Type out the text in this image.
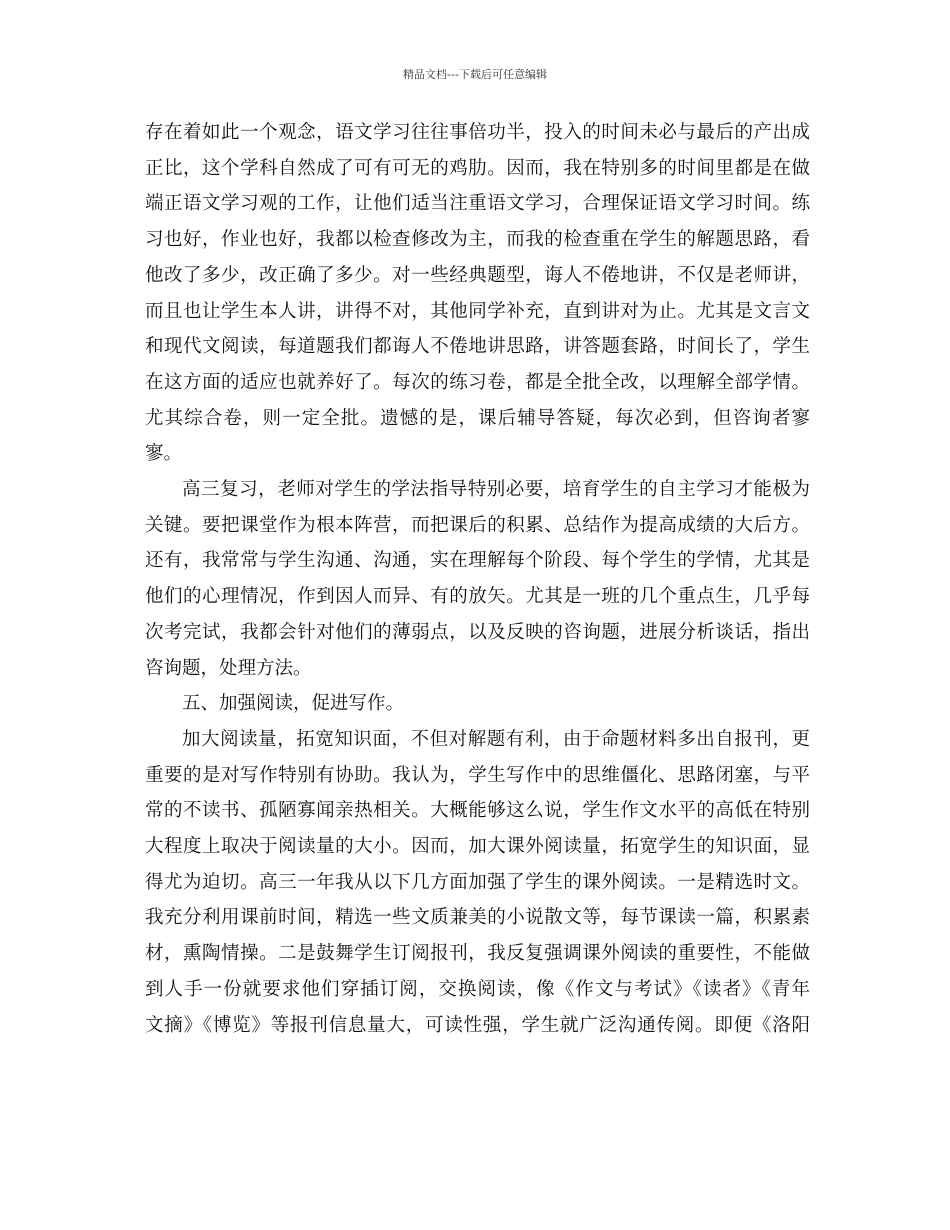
精品文档---下载后可任意编辑
存在着如此一个观念，语文学习往往事倍功半，投入的时间未必与最后的产出成
正比，这个学科自然成了可有可无的鸡肋。因而，我在特别多的时间里都是在做
端正语文学习观的工作，让他们适当注重语文学习，合理保证语文学习时间。练
习也好，作业也好，我都以检查修改为主，而我的检查重在学生的解题思路，看
他改了多少，改正确了多少。对一些经典题型，诲人不倦地讲，不仅是老师讲，
而且也让学生本人讲，讲得不对，其他同学补充，直到讲对为止。尤其是文言文
和现代文阅读，每道题我们都诲人不倦地讲思路，讲答题套路，时间长了，学生
在这方面的适应也就养好了。每次的练习卷，都是全批全改，以理解全部学情。
尤其综合卷，则一定全批。遗憾的是，课后辅导答疑，每次必到，但咨询者寥
寥。
高三复习，老师对学生的学法指导特别必要，培育学生的自主学习才能极为
关键。要把课堂作为根本阵营，而把课后的积累、总结作为提高成绩的大后方。
还有，我常常与学生沟通、沟通，实在理解每个阶段、每个学生的学情，尤其是
他们的心理情况，作到因人而异、有的放矢。尤其是一班的几个重点生，几乎每
次考完试，我都会针对他们的薄弱点，以及反映的咨询题，进展分析谈话，指出
咨询题，处理方法。
五、加强阅读，促进写作。
加大阅读量，拓宽知识面，不但对解题有利，由于命题材料多出自报刊，更
重要的是对写作特别有协助。我认为，学生写作中的思维僵化、思路闭塞，与平
常的不读书、孤陋寡闻亲热相关。大概能够这么说，学生作文水平的高低在特别
大程度上取决于阅读量的大小。因而，加大课外阅读量，拓宽学生的知识面，显
得尤为迫切。高三一年我从以下几方面加强了学生的课外阅读。一是精选时文。
我充分利用课前时间，精选一些文质兼美的小说散文等，每节课读一篇，积累素
材，熏陶情操。二是鼓舞学生订阅报刊，我反复强调课外阅读的重要性，不能做
到人手一份就要求他们穿插订阅，交换阅读，像《作文与考试》《读者》《青年
文摘》《博览》等报刊信息量大，可读性强，学生就广泛沟通传阅。即便《洛阳
